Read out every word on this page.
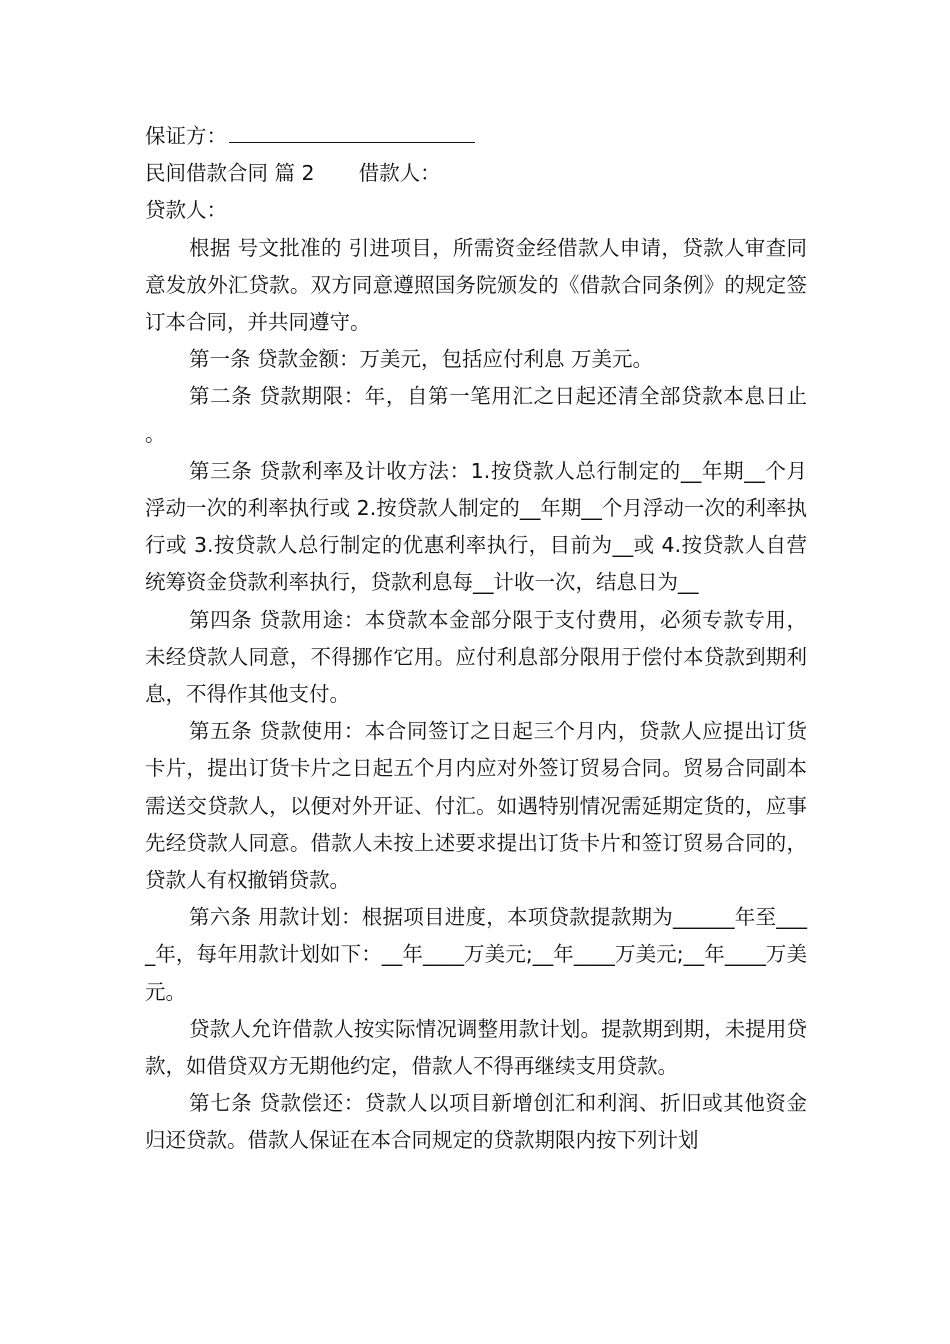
保证方：

民间借款合同 篇 2 借款人：

贷款人：

根据 号文批准的 引进项目，所需资金经借款人申请，贷款人审查同意发放外汇贷款。双方同意遵照国务院颁发的《借款合同条例》的规定签订本合同，并共同遵守。

第一条 贷款金额：万美元，包括应付利息 万美元。

第二条 贷款期限：年，自第一笔用汇之日起还清全部贷款本息日止。

第三条 贷款利率及计收方法：1.按贷款人总行制定的__年期__个月浮动一次的利率执行或 2.按贷款人制定的__年期__个月浮动一次的利率执行或 3.按贷款人总行制定的优惠利率执行，目前为__或 4.按贷款人自营统筹资金贷款利率执行，贷款利息每__计收一次，结息日为__

第四条 贷款用途：本贷款本金部分限于支付费用，必须专款专用，未经贷款人同意，不得挪作它用。应付利息部分限用于偿付本贷款到期利息，不得作其他支付。

第五条 贷款使用：本合同签订之日起三个月内，贷款人应提出订货卡片，提出订货卡片之日起五个月内应对外签订贸易合同。贸易合同副本需送交贷款人，以便对外开证、付汇。如遇特别情况需延期定货的，应事先经贷款人同意。借款人未按上述要求提出订货卡片和签订贸易合同的，贷款人有权撤销贷款。

第六条 用款计划：根据项目进度，本项贷款提款期为______年至____年，每年用款计划如下：__年____万美元;__年____万美元;__年____万美元。

贷款人允许借款人按实际情况调整用款计划。提款期到期，未提用贷款，如借贷双方无期他约定，借款人不得再继续支用贷款。

第七条 贷款偿还：贷款人以项目新增创汇和利润、折旧或其他资金归还贷款。借款人保证在本合同规定的贷款期限内按下列计划
